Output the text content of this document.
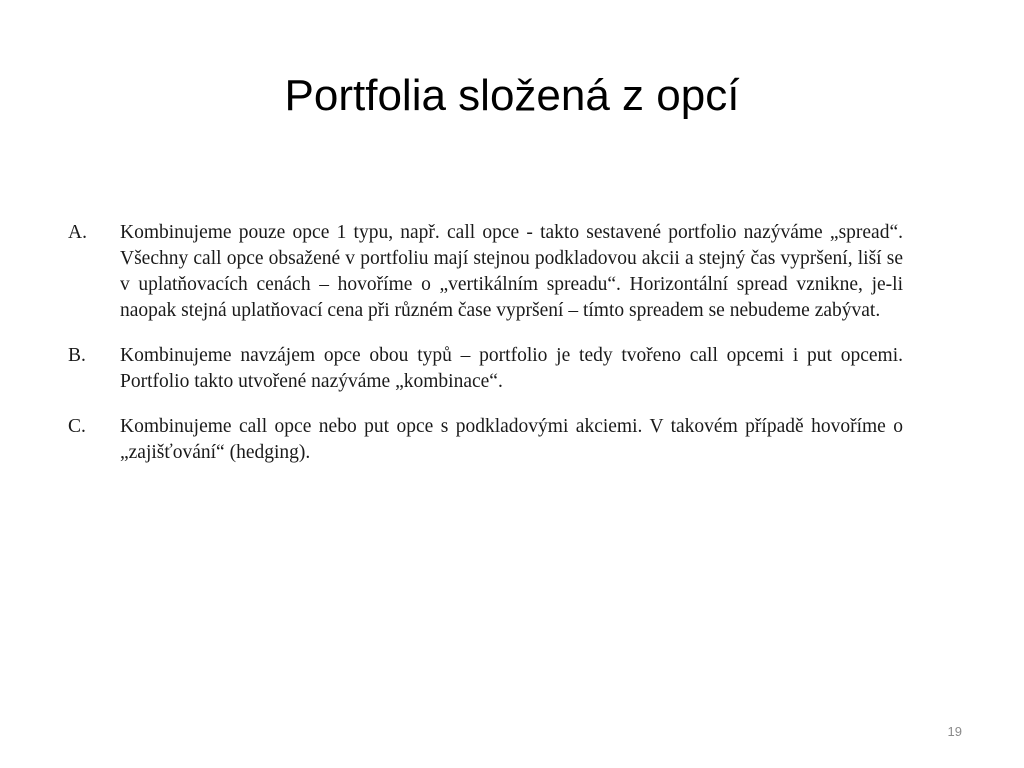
Portfolia složená z opcí
A.	Kombinujeme pouze opce 1 typu, např. call opce - takto sestavené portfolio nazýváme „spread“. Všechny call opce obsažené v portfoliu mají stejnou podkladovou akcii a stejný čas vypršení, liší se v uplatňovacích cenách – hovoříme o „vertikálním spreadu“. Horizontální spread vznikne, je-li naopak stejná uplatňovací cena při různém čase vypršení – tímto spreadem se nebudeme zabývat.
B.	Kombinujeme navzájem opce obou typů – portfolio je tedy tvořeno call opcemi i put opcemi. Portfolio takto utvořené nazýváme „kombinace“.
C.	Kombinujeme call opce nebo put opce s podkladovými akciemi. V takovém případě hovoříme o „zajišťování“ (hedging).
19
